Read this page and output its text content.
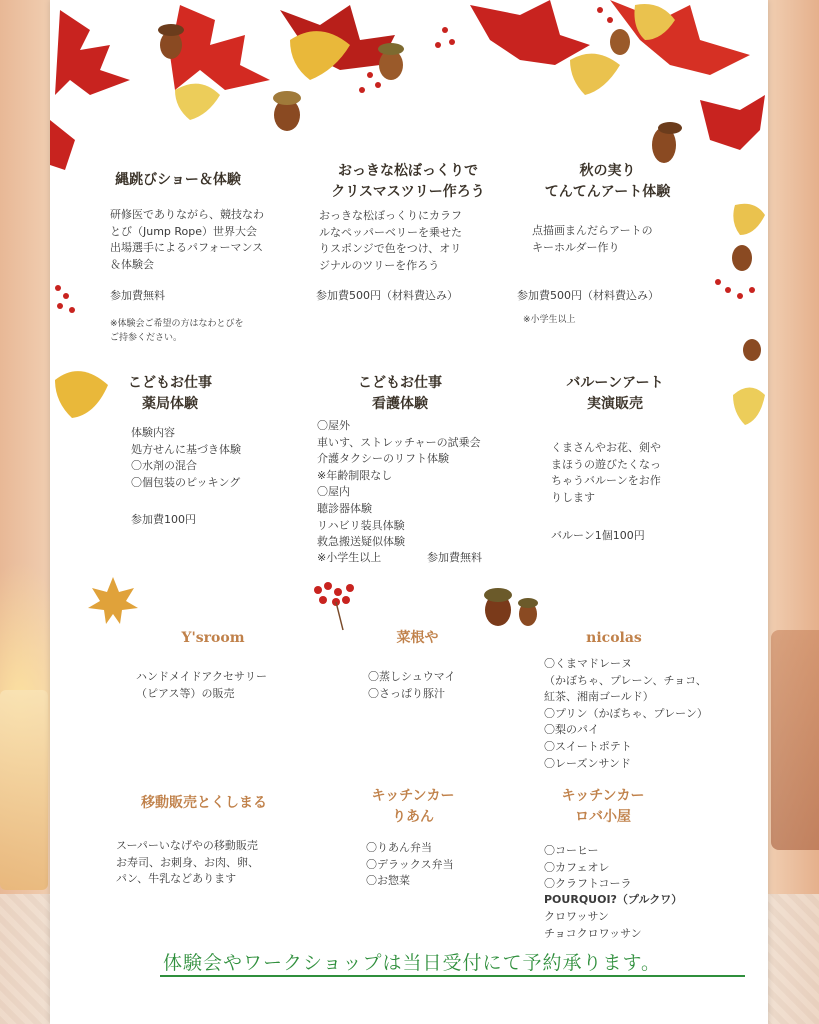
縄跳びショー＆体験
研修医でありながら、競技なわ
とび（Jump Rope）世界大会
出場選手によるパフォーマンス
＆体験会
参加費無料
※体験会ご希望の方はなわとびを
ご持参ください。
おっきな松ぼっくりで
クリスマスツリー作ろう
おっきな松ぼっくりにカラフ
ルなペッパーベリーを乗せた
りスポンジで色をつけ、オリ
ジナルのツリーを作ろう
参加費500円（材料費込み）
秋の実り
てんてんアート体験
点描画まんだらアートの
キーホルダー作り
参加費500円（材料費込み）
※小学生以上
こどもお仕事
薬局体験
体験内容
処方せんに基づき体験
〇水剤の混合
〇個包装のピッキング
参加費100円
こどもお仕事
看護体験
〇屋外
車いす、ストレッチャーの試乗会
介護タクシーのリフト体験
※年齢制限なし
〇屋内
聴診器体験
リハビリ装具体験
救急搬送疑似体験
※小学生以上	参加費無料
バルーンアート
実演販売
くまさんやお花、剣や
まほうの遊びたくなっ
ちゃうバルーンをお作
りします
バルーン1個100円
Y'sroom
ハンドメイドアクセサリー
（ピアス等）の販売
菜根や
〇蒸しシュウマイ
〇さっぱり豚汁
nicolas
〇くまマドレーヌ
（かぼちゃ、プレーン、チョコ、
紅茶、湘南ゴールド）
〇プリン（かぼちゃ、プレーン）
〇梨のパイ
〇スイートポテト
〇レーズンサンド
移動販売とくしまる
スーパーいなげやの移動販売
お寿司、お刺身、お肉、卵、
パン、牛乳などあります
キッチンカー
りあん
〇りあん弁当
〇デラックス弁当
〇お惣菜
キッチンカー
ロバ小屋
〇コーヒー
〇カフェオレ
〇クラフトコーラ
POURQUOI?（プルクワ）
クロワッサン
チョコクロワッサン
体験会やワークショップは当日受付にて予約承ります。
